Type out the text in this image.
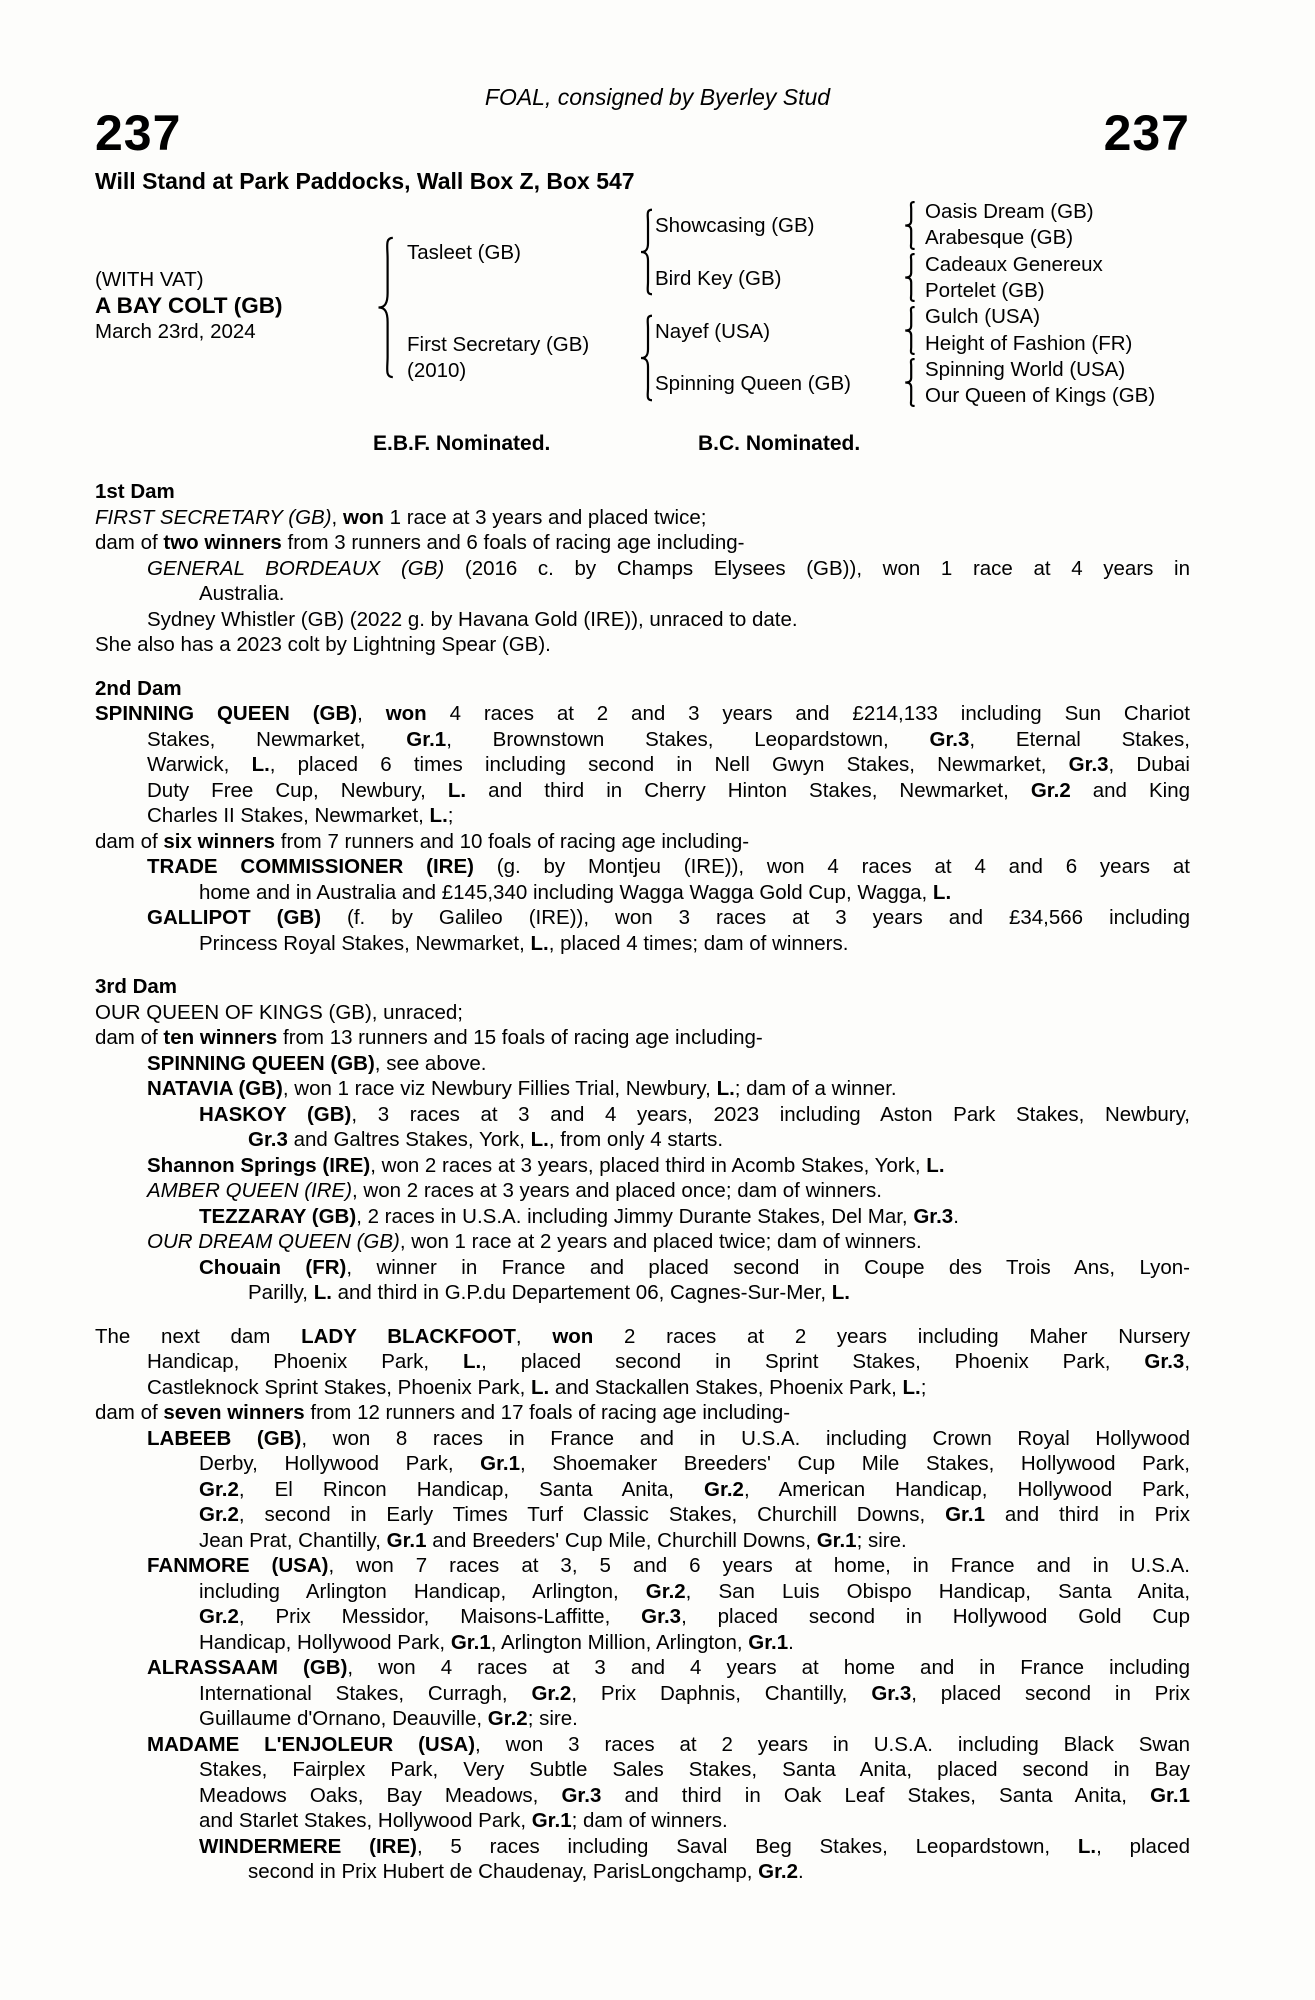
FOAL, consigned by Byerley Stud
237	237
Will Stand at Park Paddocks, Wall Box Z, Box 547
(WITH VAT)
A BAY COLT (GB)
March 23rd, 2024
Tasleet (GB)
First Secretary (GB)
(2010)
Showcasing (GB)
Bird Key (GB)
Nayef (USA)
Spinning Queen (GB)
Oasis Dream (GB)
Arabesque (GB)
Cadeaux Genereux
Portelet (GB)
Gulch (USA)
Height of Fashion (FR)
Spinning World (USA)
Our Queen of Kings (GB)
E.B.F. Nominated.	B.C. Nominated.
1st Dam
FIRST SECRETARY (GB), won 1 race at 3 years and placed twice;
dam of two winners from 3 runners and 6 foals of racing age including-
GENERAL BORDEAUX (GB) (2016 c. by Champs Elysees (GB)), won 1 race at 4 years in
Australia.
Sydney Whistler (GB) (2022 g. by Havana Gold (IRE)), unraced to date.
She also has a 2023 colt by Lightning Spear (GB).
2nd Dam
SPINNING QUEEN (GB), won 4 races at 2 and 3 years and £214,133 including Sun Chariot
Stakes, Newmarket, Gr.1, Brownstown Stakes, Leopardstown, Gr.3, Eternal Stakes,
Warwick, L., placed 6 times including second in Nell Gwyn Stakes, Newmarket, Gr.3, Dubai
Duty Free Cup, Newbury, L. and third in Cherry Hinton Stakes, Newmarket, Gr.2 and King
Charles II Stakes, Newmarket, L.;
dam of six winners from 7 runners and 10 foals of racing age including-
TRADE COMMISSIONER (IRE) (g. by Montjeu (IRE)), won 4 races at 4 and 6 years at
home and in Australia and £145,340 including Wagga Wagga Gold Cup, Wagga, L.
GALLIPOT (GB) (f. by Galileo (IRE)), won 3 races at 3 years and £34,566 including
Princess Royal Stakes, Newmarket, L., placed 4 times; dam of winners.
3rd Dam
OUR QUEEN OF KINGS (GB), unraced;
dam of ten winners from 13 runners and 15 foals of racing age including-
SPINNING QUEEN (GB), see above.
NATAVIA (GB), won 1 race viz Newbury Fillies Trial, Newbury, L.; dam of a winner.
HASKOY (GB), 3 races at 3 and 4 years, 2023 including Aston Park Stakes, Newbury,
Gr.3 and Galtres Stakes, York, L., from only 4 starts.
Shannon Springs (IRE), won 2 races at 3 years, placed third in Acomb Stakes, York, L.
AMBER QUEEN (IRE), won 2 races at 3 years and placed once; dam of winners.
TEZZARAY (GB), 2 races in U.S.A. including Jimmy Durante Stakes, Del Mar, Gr.3.
OUR DREAM QUEEN (GB), won 1 race at 2 years and placed twice; dam of winners.
Chouain (FR), winner in France and placed second in Coupe des Trois Ans, Lyon-
Parilly, L. and third in G.P.du Departement 06, Cagnes-Sur-Mer, L.
The next dam LADY BLACKFOOT, won 2 races at 2 years including Maher Nursery
Handicap, Phoenix Park, L., placed second in Sprint Stakes, Phoenix Park, Gr.3,
Castleknock Sprint Stakes, Phoenix Park, L. and Stackallen Stakes, Phoenix Park, L.;
dam of seven winners from 12 runners and 17 foals of racing age including-
LABEEB (GB), won 8 races in France and in U.S.A. including Crown Royal Hollywood
Derby, Hollywood Park, Gr.1, Shoemaker Breeders' Cup Mile Stakes, Hollywood Park,
Gr.2, El Rincon Handicap, Santa Anita, Gr.2, American Handicap, Hollywood Park,
Gr.2, second in Early Times Turf Classic Stakes, Churchill Downs, Gr.1 and third in Prix
Jean Prat, Chantilly, Gr.1 and Breeders' Cup Mile, Churchill Downs, Gr.1; sire.
FANMORE (USA), won 7 races at 3, 5 and 6 years at home, in France and in U.S.A.
including Arlington Handicap, Arlington, Gr.2, San Luis Obispo Handicap, Santa Anita,
Gr.2, Prix Messidor, Maisons-Laffitte, Gr.3, placed second in Hollywood Gold Cup
Handicap, Hollywood Park, Gr.1, Arlington Million, Arlington, Gr.1.
ALRASSAAM (GB), won 4 races at 3 and 4 years at home and in France including
International Stakes, Curragh, Gr.2, Prix Daphnis, Chantilly, Gr.3, placed second in Prix
Guillaume d'Ornano, Deauville, Gr.2; sire.
MADAME L'ENJOLEUR (USA), won 3 races at 2 years in U.S.A. including Black Swan
Stakes, Fairplex Park, Very Subtle Sales Stakes, Santa Anita, placed second in Bay
Meadows Oaks, Bay Meadows, Gr.3 and third in Oak Leaf Stakes, Santa Anita, Gr.1
and Starlet Stakes, Hollywood Park, Gr.1; dam of winners.
WINDERMERE (IRE), 5 races including Saval Beg Stakes, Leopardstown, L., placed
second in Prix Hubert de Chaudenay, ParisLongchamp, Gr.2.
